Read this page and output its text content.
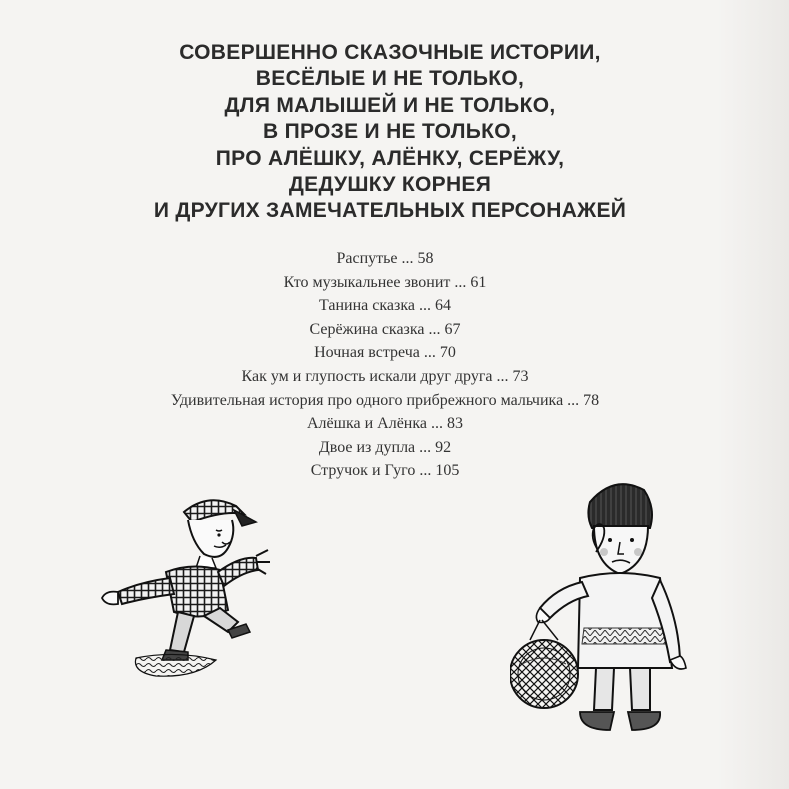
СОВЕРШЕННО СКАЗОЧНЫЕ ИСТОРИИ,
ВЕСЁЛЫЕ И НЕ ТОЛЬКО,
ДЛЯ МАЛЫШЕЙ И НЕ ТОЛЬКО,
В ПРОЗЕ И НЕ ТОЛЬКО,
ПРО АЛЁШКУ, АЛЁНКУ, СЕРЁЖУ,
ДЕДУШКУ КОРНЕЯ
И ДРУГИХ ЗАМЕЧАТЕЛЬНЫХ ПЕРСОНАЖЕЙ
Распутье ... 58
Кто музыкальнее звонит ... 61
Танина сказка ... 64
Серёжина сказка ... 67
Ночная встреча ... 70
Как ум и глупость искали друг друга ... 73
Удивительная история про одного прибрежного мальчика ... 78
Алёшка и Алёнка ... 83
Двое из дупла ... 92
Стручок и Гуго ... 105
